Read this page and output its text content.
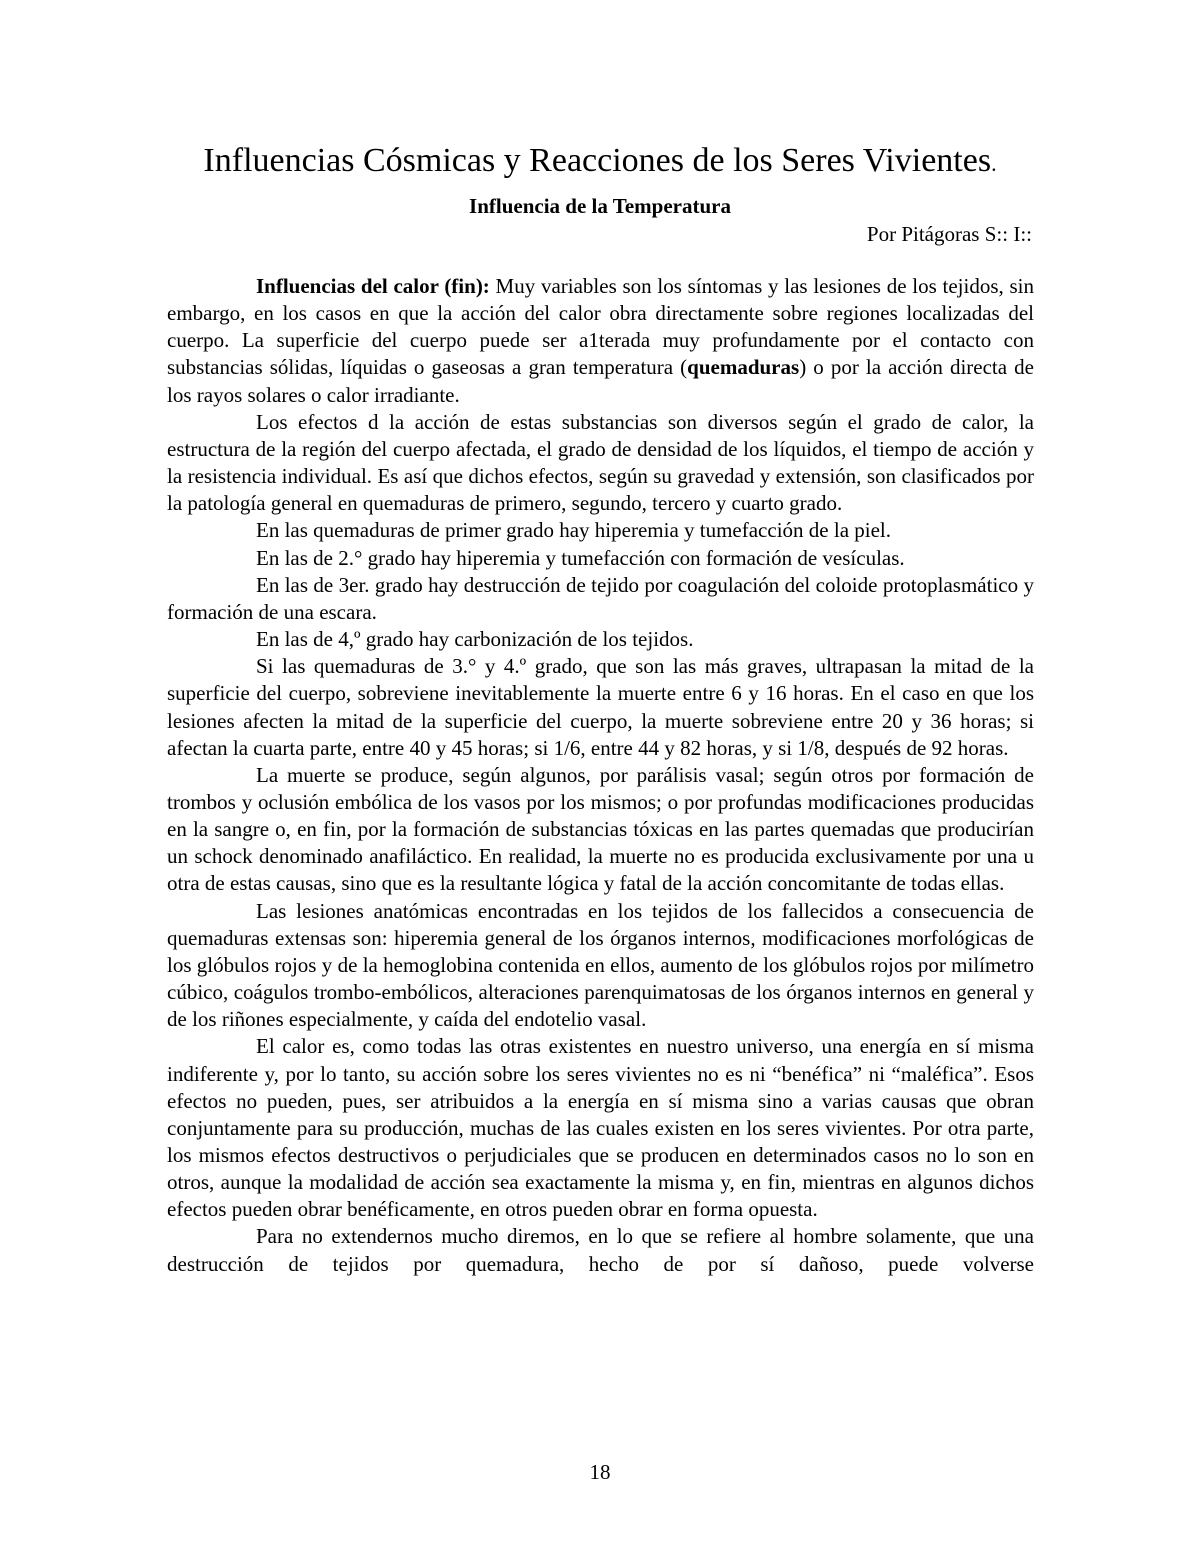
Influencias Cósmicas y Reacciones de los Seres Vivientes.
Influencia de la Temperatura
Por Pitágoras S:: I::

Influencias del calor (fin): Muy variables son los síntomas y las lesiones de los tejidos, sin embargo, en los casos en que la acción del calor obra directamente sobre regiones localizadas del cuerpo. La superficie del cuerpo puede ser a1terada muy profundamente por el contacto con substancias sólidas, líquidas o gaseosas a gran temperatura (quemaduras) o por la acción directa de los rayos solares o calor irradiante.

Los efectos d la acción de estas substancias son diversos según el grado de calor, la estructura de la región del cuerpo afectada, el grado de densidad de los líquidos, el tiempo de acción y la resistencia individual. Es así que dichos efectos, según su gravedad y extensión, son clasificados por la patología general en quemaduras de primero, segundo, tercero y cuarto grado.

En las quemaduras de primer grado hay hiperemia y tumefacción de la piel.

En las de 2.° grado hay hiperemia y tumefacción con formación de vesículas.

En las de 3er. grado hay destrucción de tejido por coagulación del coloide protoplasmático y formación de una escara.

En las de 4,º grado hay carbonización de los tejidos.

Si las quemaduras de 3.° y 4.º grado, que son las más graves, ultrapasan la mitad de la superficie del cuerpo, sobreviene inevitablemente la muerte entre 6 y 16 horas. En el caso en que los lesiones afecten la mitad de la superficie del cuerpo, la muerte sobreviene entre 20 y 36 horas; si afectan la cuarta parte, entre 40 y 45 horas; si 1/6, entre 44 y 82 horas, y si 1/8, después de 92 horas.

La muerte se produce, según algunos, por parálisis vasal; según otros por formación de trombos y oclusión embólica de los vasos por los mismos; o por profundas modificaciones producidas en la sangre o, en fin, por la formación de substancias tóxicas en las partes quemadas que producirían un schock denominado anafiláctico. En realidad, la muerte no es producida exclusivamente por una u otra de estas causas, sino que es la resultante lógica y fatal de la acción concomitante de todas ellas.

Las lesiones anatómicas encontradas en los tejidos de los fallecidos a consecuencia de quemaduras extensas son: hiperemia general de los órganos internos, modificaciones morfológicas de los glóbulos rojos y de la hemoglobina contenida en ellos, aumento de los glóbulos rojos por milímetro cúbico, coágulos trombo-embólicos, alteraciones parenquimatosas de los órganos internos en general y de los riñones especialmente, y caída del endotelio vasal.

El calor es, como todas las otras existentes en nuestro universo, una energía en sí misma indiferente y, por lo tanto, su acción sobre los seres vivientes no es ni “benéfica” ni “maléfica”. Esos efectos no pueden, pues, ser atribuidos a la energía en sí misma sino a varias causas que obran conjuntamente para su producción, muchas de las cuales existen en los seres vivientes. Por otra parte, los mismos efectos destructivos o perjudiciales que se producen en determinados casos no lo son en otros, aunque la modalidad de acción sea exactamente la misma y, en fin, mientras en algunos dichos efectos pueden obrar benéficamente, en otros pueden obrar en forma opuesta.

Para no extendernos mucho diremos, en lo que se refiere al hombre solamente, que una destrucción de tejidos por quemadura, hecho de por sí dañoso, puede volverse

18
